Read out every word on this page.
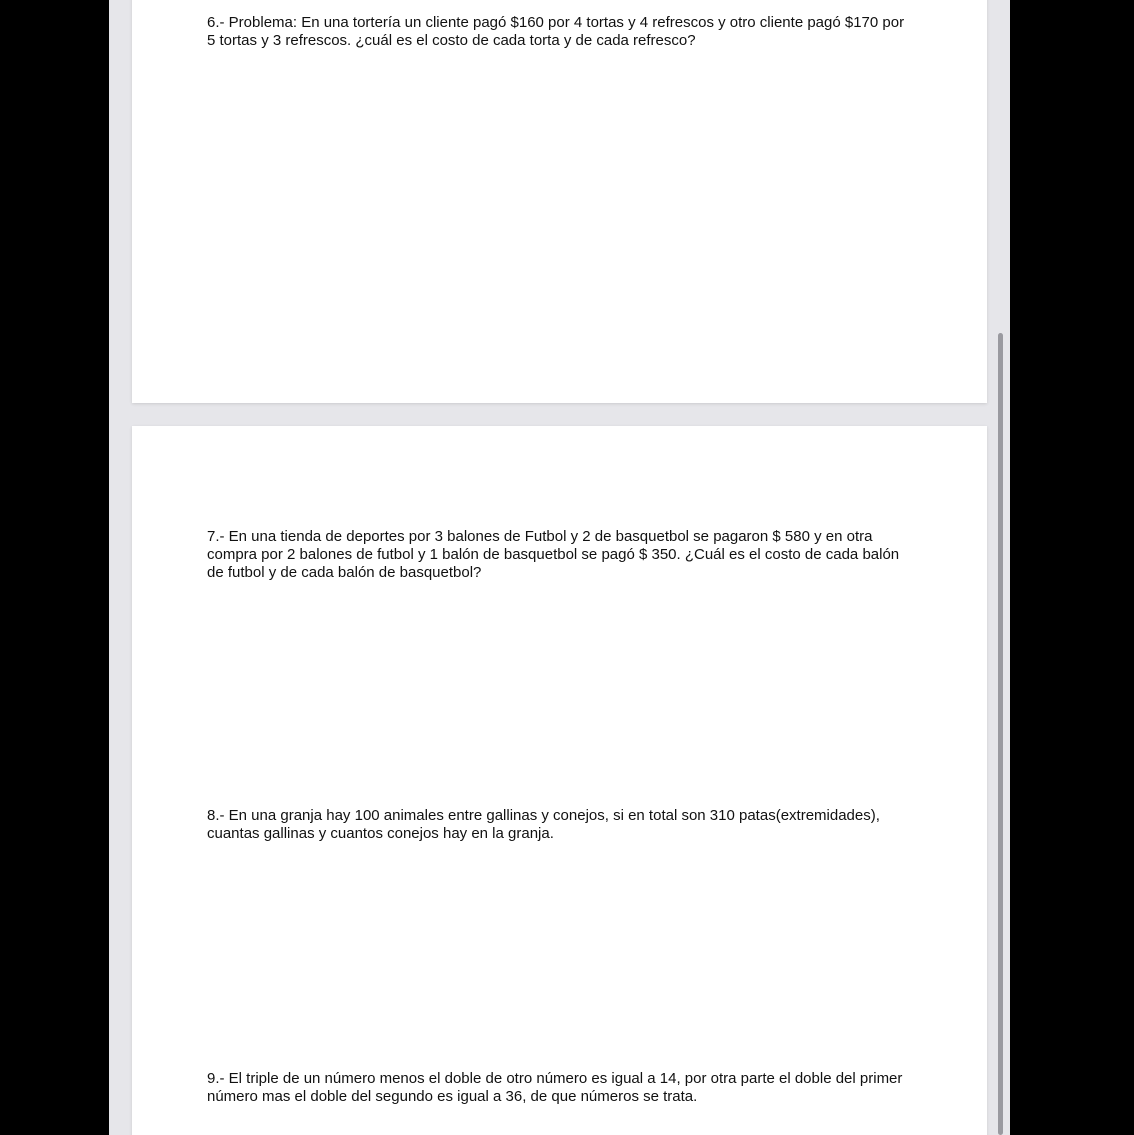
6.- Problema: En una tortería un cliente pagó $160 por 4 tortas y 4 refrescos y otro cliente pagó $170 por 5 tortas y 3 refrescos. ¿cuál es el costo de cada torta y de cada refresco?

7.- En una tienda de deportes por 3 balones de Futbol y 2 de basquetbol se pagaron $ 580 y en otra compra por 2 balones de futbol y 1 balón de basquetbol se pagó $ 350. ¿Cuál es el costo de cada balón de futbol y de cada balón de basquetbol?

8.- En una granja hay 100 animales entre gallinas y conejos, si en total son 310 patas(extremidades), cuantas gallinas y cuantos conejos hay en la granja.

9.- El triple de un número menos el doble de otro número es igual a 14, por otra parte el doble del primer número mas el doble del segundo es igual a 36, de que números se trata.
